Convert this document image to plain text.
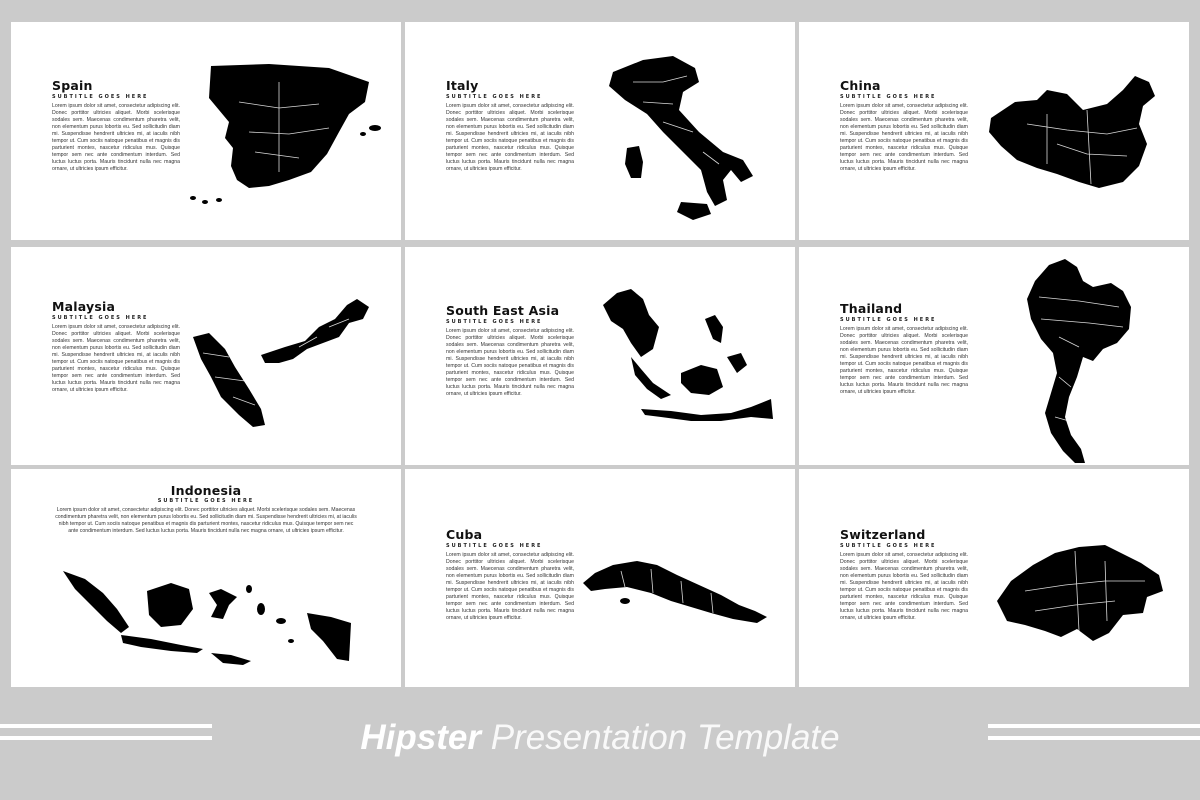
Spain
SUBTITLE GOES HERE
Lorem ipsum dolor sit amet, consectetur adipiscing elit. Donec porttitor ultricies aliquet. Morbi scelerisque sodales sem. Maecenas condimentum pharetra velit, non elementum purus lobortis eu. Sed sollicitudin diam mi. Suspendisse hendrerit ultricies mi, at iaculis nibh tempor ut. Cum sociis natoque penatibus et magnis dis parturient montes, nascetur ridiculus mus. Quisque tempor sem nec ante condimentum interdum. Sed luctus luctus porta. Mauris tincidunt nulla nec magna ornare, ut ultricies ipsum efficitur.
Italy
SUBTITLE GOES HERE
Lorem ipsum dolor sit amet, consectetur adipiscing elit. Donec porttitor ultricies aliquet. Morbi scelerisque sodales sem. Maecenas condimentum pharetra velit, non elementum purus lobortis eu. Sed sollicitudin diam mi. Suspendisse hendrerit ultricies mi, at iaculis nibh tempor ut. Cum sociis natoque penatibus et magnis dis parturient montes, nascetur ridiculus mus. Quisque tempor sem nec ante condimentum interdum. Sed luctus luctus porta. Mauris tincidunt nulla nec magna ornare, ut ultricies ipsum efficitur.
China
SUBTITLE GOES HERE
Lorem ipsum dolor sit amet, consectetur adipiscing elit. Donec porttitor ultricies aliquet. Morbi scelerisque sodales sem. Maecenas condimentum pharetra velit, non elementum purus lobortis eu. Sed sollicitudin diam mi. Suspendisse hendrerit ultricies mi, at iaculis nibh tempor ut. Cum sociis natoque penatibus et magnis dis parturient montes, nascetur ridiculus mus. Quisque tempor sem nec ante condimentum interdum. Sed luctus luctus porta. Mauris tincidunt nulla nec magna ornare, ut ultricies ipsum efficitur.
Malaysia
SUBTITLE GOES HERE
Lorem ipsum dolor sit amet, consectetur adipiscing elit. Donec porttitor ultricies aliquet. Morbi scelerisque sodales sem. Maecenas condimentum pharetra velit, non elementum purus lobortis eu. Sed sollicitudin diam mi. Suspendisse hendrerit ultricies mi, at iaculis nibh tempor ut. Cum sociis natoque penatibus et magnis dis parturient montes, nascetur ridiculus mus. Quisque tempor sem nec ante condimentum interdum. Sed luctus luctus porta. Mauris tincidunt nulla nec magna ornare, ut ultricies ipsum efficitur.
South East Asia
SUBTITLE GOES HERE
Lorem ipsum dolor sit amet, consectetur adipiscing elit. Donec porttitor ultricies aliquet. Morbi scelerisque sodales sem. Maecenas condimentum pharetra velit, non elementum purus lobortis eu. Sed sollicitudin diam mi. Suspendisse hendrerit ultricies mi, at iaculis nibh tempor ut. Cum sociis natoque penatibus et magnis dis parturient montes, nascetur ridiculus mus. Quisque tempor sem nec ante condimentum interdum. Sed luctus luctus porta. Mauris tincidunt nulla nec magna ornare, ut ultricies ipsum efficitur.
Thailand
SUBTITLE GOES HERE
Lorem ipsum dolor sit amet, consectetur adipiscing elit. Donec porttitor ultricies aliquet. Morbi scelerisque sodales sem. Maecenas condimentum pharetra velit, non elementum purus lobortis eu. Sed sollicitudin diam mi. Suspendisse hendrerit ultricies mi, at iaculis nibh tempor ut. Cum sociis natoque penatibus et magnis dis parturient montes, nascetur ridiculus mus. Quisque tempor sem nec ante condimentum interdum. Sed luctus luctus porta. Mauris tincidunt nulla nec magna ornare, ut ultricies ipsum efficitur.
Indonesia
SUBTITLE GOES HERE
Lorem ipsum dolor sit amet, consectetur adipiscing elit. Donec porttitor ultricies aliquet. Morbi scelerisque sodales sem. Maecenas condimentum pharetra velit, non elementum purus lobortis eu. Sed sollicitudin diam mi. Suspendisse hendrerit ultricies mi, at iaculis nibh tempor ut. Cum sociis natoque penatibus et magnis dis parturient montes, nascetur ridiculus mus. Quisque tempor sem nec ante condimentum interdum. Sed luctus luctus porta. Mauris tincidunt nulla nec magna ornare, ut ultricies ipsum efficitur.	Cuba
SUBTITLE GOES HERE
Lorem ipsum dolor sit amet, consectetur adipiscing elit. Donec porttitor ultricies aliquet. Morbi scelerisque sodales sem. Maecenas condimentum pharetra velit, non elementum purus lobortis eu. Sed sollicitudin diam mi. Suspendisse hendrerit ultricies mi, at iaculis nibh tempor ut. Cum sociis natoque penatibus et magnis dis parturient montes, nascetur ridiculus mus. Quisque tempor sem nec ante condimentum interdum. Sed luctus luctus porta. Mauris tincidunt nulla nec magna ornare, ut ultricies ipsum efficitur.
Switzerland
SUBTITLE GOES HERE
Lorem ipsum dolor sit amet, consectetur adipiscing elit. Donec porttitor ultricies aliquet. Morbi scelerisque sodales sem. Maecenas condimentum pharetra velit, non elementum purus lobortis eu. Sed sollicitudin diam mi. Suspendisse hendrerit ultricies mi, at iaculis nibh tempor ut. Cum sociis natoque penatibus et magnis dis parturient montes, nascetur ridiculus mus. Quisque tempor sem nec ante condimentum interdum. Sed luctus luctus porta. Mauris tincidunt nulla nec magna ornare, ut ultricies ipsum efficitur.
Hipster Presentation Template
